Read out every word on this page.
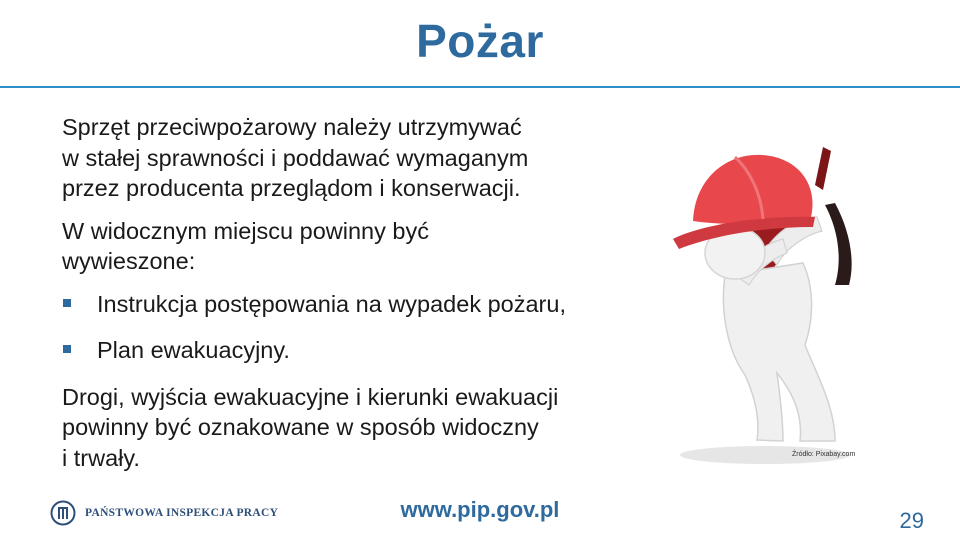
Pożar
Sprzęt przeciwpożarowy należy utrzymywać
w stałej sprawności i poddawać wymaganym
przez producenta przeglądom i konserwacji.
W widocznym miejscu powinny być
wywieszone:
Instrukcja postępowania na wypadek pożaru,
Plan ewakuacyjny.
Drogi, wyjścia ewakuacyjne i kierunki ewakuacji
powinny być oznakowane w sposób widoczny
i trwały.	Źródło: Pixabay.com
PAŃSTWOWA INSPEKCJA PRACY	www.pip.gov.pl	29
